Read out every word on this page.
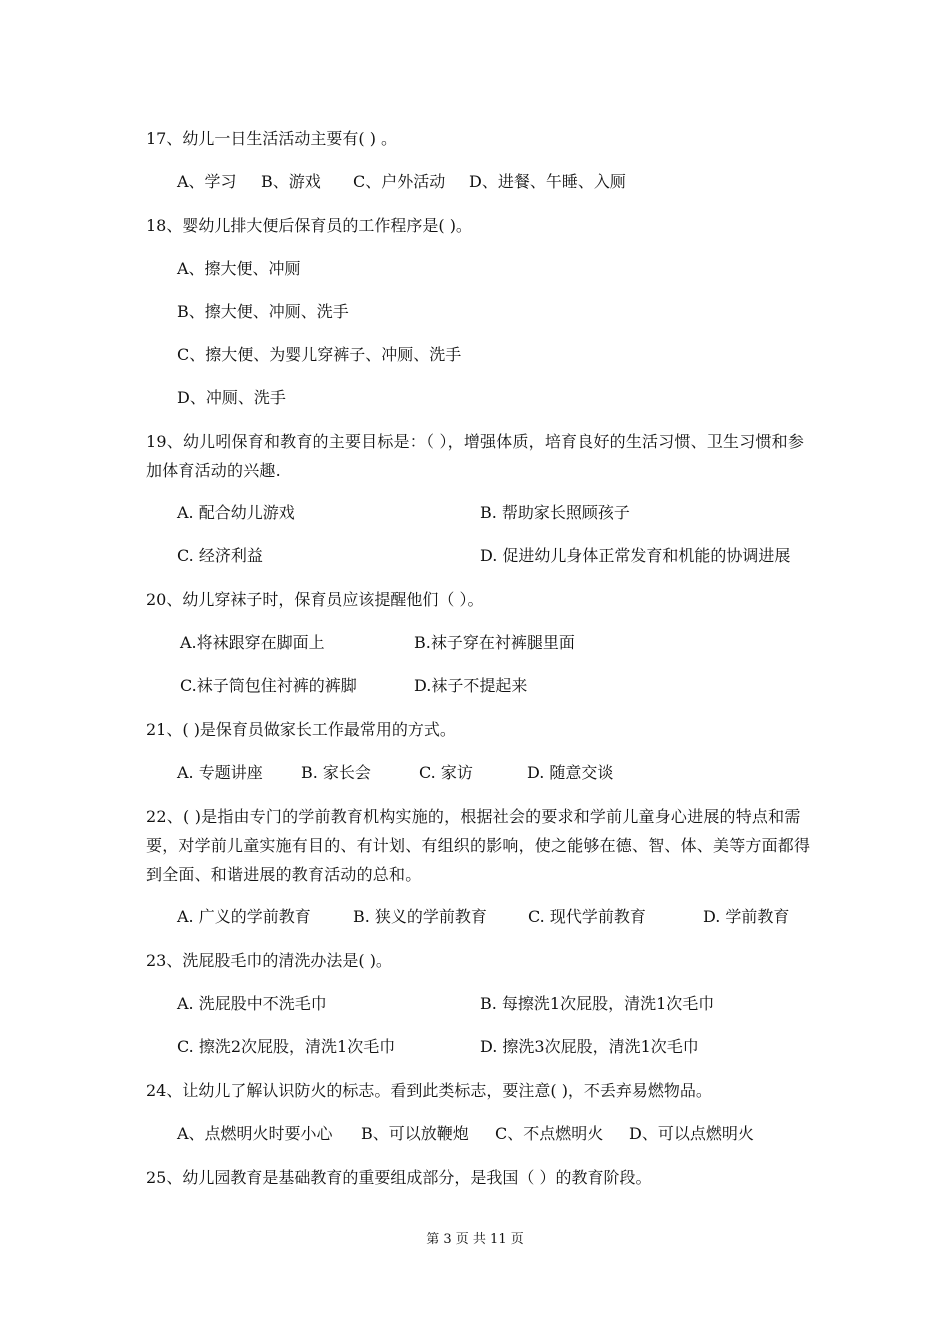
17、幼儿一日生活活动主要有( ) 。
A、学习 B、游戏 C、户外活动 D、进餐、午睡、入厕
18、婴幼儿排大便后保育员的工作程序是( )。
A、擦大便、冲厕
B、擦大便、冲厕、洗手
C、擦大便、为婴儿穿裤子、冲厕、洗手
D、冲厕、洗手
19、幼儿吲保育和教育的主要目标是：（ ），增强体质，培育良好的生活习惯、卫生习惯和参加体育活动的兴趣.
A. 配合幼儿游戏	B. 帮助家长照顾孩子
C. 经济利益	D. 促进幼儿身体正常发育和机能的协调进展
20、幼儿穿袜子时，保育员应该提醒他们（ ）。
A.将袜跟穿在脚面上	B.袜子穿在衬裤腿里面
C.袜子筒包住衬裤的裤脚	D.袜子不提起来
21、( )是保育员做家长工作最常用的方式。
A. 专题讲座 B. 家长会	C. 家访	D. 随意交谈
22、( )是指由专门的学前教育机构实施的，根据社会的要求和学前儿童身心进展的特点和需要，对学前儿童实施有目的、有计划、有组织的影响，使之能够在德、智、体、美等方面都得到全面、和谐进展的教育活动的总和。
A. 广义的学前教育	B. 狭义的学前教育	C. 现代学前教育	D. 学前教育
23、洗屁股毛巾的清洗办法是( )。
A. 洗屁股中不洗毛巾	B. 每擦洗1次屁股，清洗1次毛巾
C. 擦洗2次屁股，清洗1次毛巾	D. 擦洗3次屁股，清洗1次毛巾
24、让幼儿了解认识防火的标志。看到此类标志，要注意( )，不丢弃易燃物品。
A、点燃明火时要小心 B、可以放鞭炮 C、不点燃明火 D、可以点燃明火
25、幼儿园教育是基础教育的重要组成部分，是我国（ ）的教育阶段。
第 3 页 共 11 页
